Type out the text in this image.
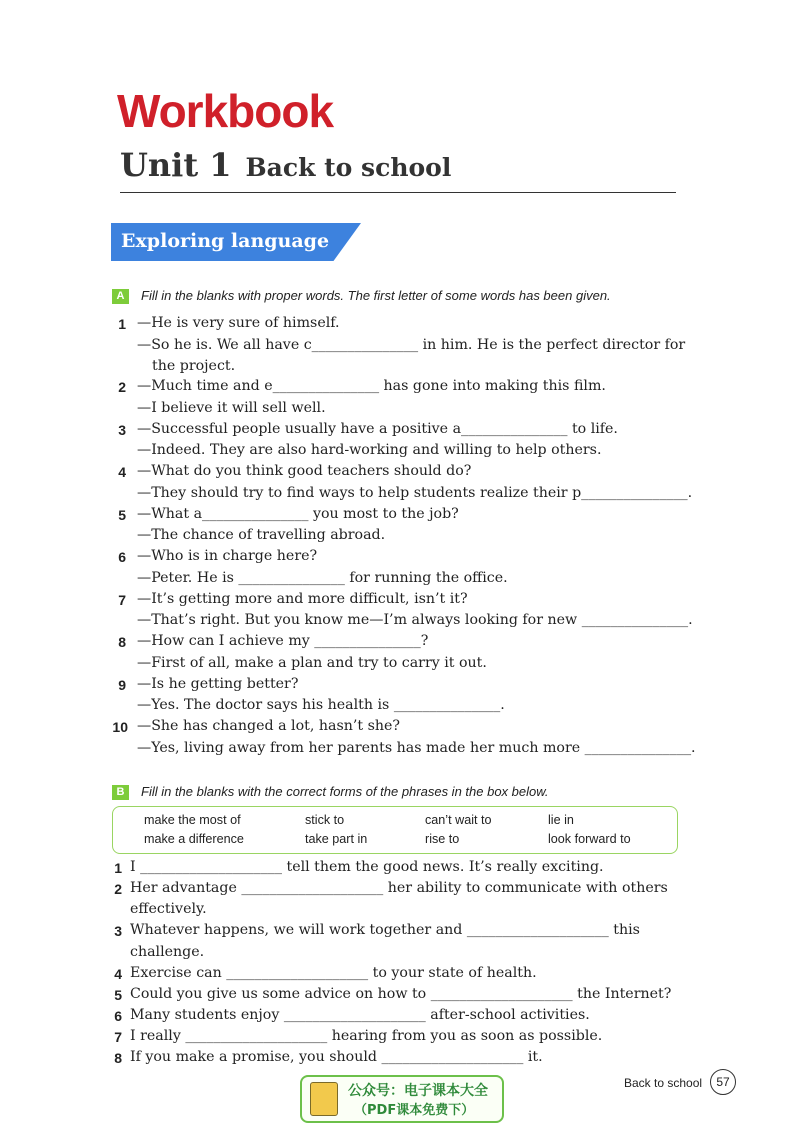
Workbook
Unit 1 Back to school
Exploring language
A	Fill in the blanks with proper words. The first letter of some words has been given.
1 —He is very sure of himself.
—So he is. We all have c_______________ in him. He is the perfect director for
the project.
2 —Much time and e_______________ has gone into making this film.
—I believe it will sell well.
3 —Successful people usually have a positive a_______________ to life.
—Indeed. They are also hard-working and willing to help others.
4 —What do you think good teachers should do?
—They should try to find ways to help students realize their p_______________.
5 —What a_______________ you most to the job?
—The chance of travelling abroad.
6 —Who is in charge here?
—Peter. He is _______________ for running the office.
7 —It’s getting more and more difficult, isn’t it?
—That’s right. But you know me—I’m always looking for new _______________.
8 —How can I achieve my _______________?
—First of all, make a plan and try to carry it out.
9 —Is he getting better?
—Yes. The doctor says his health is _______________.
10 —She has changed a lot, hasn’t she?
—Yes, living away from her parents has made her much more _______________.
B	Fill in the blanks with the correct forms of the phrases in the box below.
make the most of	stick to	can’t wait to	lie in
make a difference	take part in	rise to	look forward to
1 I ____________________ tell them the good news. It’s really exciting.
2 Her advantage ____________________ her ability to communicate with others
effectively.
3 Whatever happens, we will work together and ____________________ this
challenge.
4 Exercise can ____________________ to your state of health.
5 Could you give us some advice on how to ____________________ the Internet?
6 Many students enjoy ____________________ after-school activities.
7 I really ____________________ hearing from you as soon as possible.
8 If you make a promise, you should ____________________ it.
公众号：电子课本大全
（PDF课本免费下）
Back to school	57
